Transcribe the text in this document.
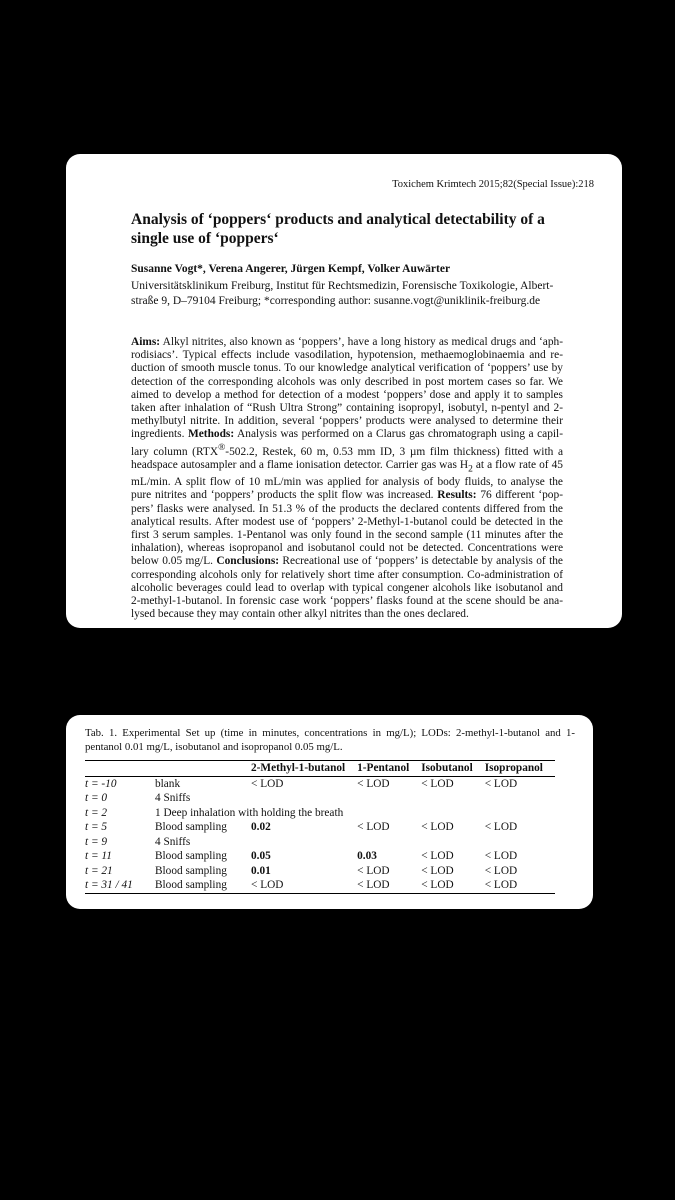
Toxichem Krimtech 2015;82(Special Issue):218
Analysis of ‘poppers‘ products and analytical detectability of a
single use of ‘poppers‘
Susanne Vogt*, Verena Angerer, Jürgen Kempf, Volker Auwärter
Universitätsklinikum Freiburg, Institut für Rechtsmedizin, Forensische Toxikologie, Albert-
straße 9, D–79104 Freiburg; *corresponding author: susanne.vogt@uniklinik-freiburg.de
Aims: Alkyl nitrites, also known as ‘poppers’, have a long history as medical drugs and ‘aph-
rodisiacs’. Typical effects include vasodilation, hypotension, methaemoglobinaemia and re-
duction of smooth muscle tonus. To our knowledge analytical verification of ‘poppers’ use by
detection of the corresponding alcohols was only described in post mortem cases so far. We
aimed to develop a method for detection of a modest ‘poppers’ dose and apply it to samples
taken after inhalation of “Rush Ultra Strong” containing isopropyl, isobutyl, n-pentyl and 2-
methylbutyl nitrite. In addition, several ‘poppers’ products were analysed to determine their
ingredients. Methods: Analysis was performed on a Clarus gas chromatograph using a capil-
lary column (RTX®-502.2, Restek, 60 m, 0.53 mm ID, 3 µm film thickness) fitted with a
headspace autosampler and a flame ionisation detector. Carrier gas was $H_2$ at a flow rate of 45
mL/min. A split flow of 10 mL/min was applied for analysis of body fluids, to analyse the
pure nitrites and ‘poppers’ products the split flow was increased. Results: 76 different ‘pop-
pers’ flasks were analysed. In 51.3 % of the products the declared contents differed from the
analytical results. After modest use of ‘poppers’ 2-Methyl-1-butanol could be detected in the
first 3 serum samples. 1-Pentanol was only found in the second sample (11 minutes after the
inhalation), whereas isopropanol and isobutanol could not be detected. Concentrations were
below 0.05 mg/L. Conclusions: Recreational use of ‘poppers’ is detectable by analysis of the
corresponding alcohols only for relatively short time after consumption. Co-administration of
alcoholic beverages could lead to overlap with typical congener alcohols like isobutanol and
2-methyl-1-butanol. In forensic case work ‘poppers’ flasks found at the scene should be ana-
lysed because they may contain other alkyl nitrites than the ones declared.
Tab. 1. Experimental Set up (time in minutes, concentrations in mg/L); LODs: 2-methyl-1-butanol and 1-
pentanol 0.01 mg/L, isobutanol and isopropanol 0.05 mg/L.
		2-Methyl-1-butanol	1-Pentanol	Isobutanol	Isopropanol
t = -10	blank	< LOD	< LOD	< LOD	< LOD
t = 0	4 Sniffs				
t = 2	1 Deep inhalation with holding the breath				
t = 5	Blood sampling	0.02	< LOD	< LOD	< LOD
t = 9	4 Sniffs				
t = 11	Blood sampling	0.05	0.03	< LOD	< LOD
t = 21	Blood sampling	0.01	< LOD	< LOD	< LOD
t = 31 / 41	Blood sampling	< LOD	< LOD	< LOD	< LOD
